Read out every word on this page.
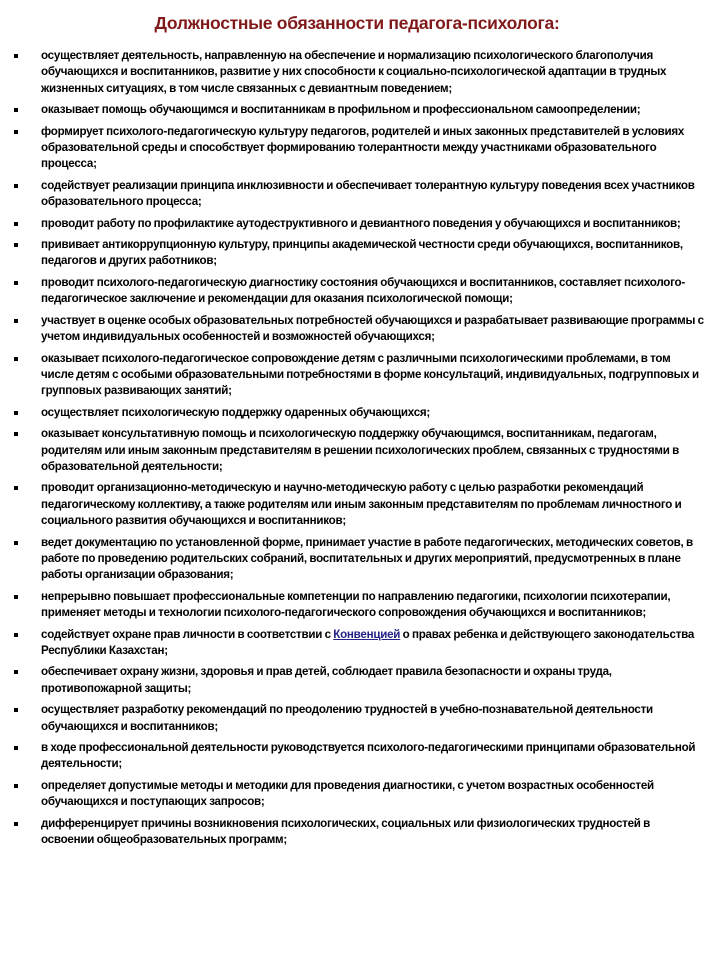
Должностные обязанности педагога-психолога:
осуществляет деятельность, направленную на обеспечение и нормализацию психологического благополучия обучающихся и воспитанников, развитие у них способности к социально-психологической адаптации в трудных жизненных ситуациях, в том числе связанных с девиантным поведением;
оказывает помощь обучающимся и воспитанникам в профильном и профессиональном самоопределении;
формирует психолого-педагогическую культуру педагогов, родителей и иных законных представителей в условиях образовательной среды и способствует формированию толерантности между участниками образовательного процесса;
содействует реализации принципа инклюзивности и обеспечивает толерантную культуру поведения всех участников образовательного процесса;
проводит работу по профилактике аутодеструктивного и девиантного поведения у обучающихся и воспитанников;
прививает антикоррупционную культуру, принципы академической честности среди обучающихся, воспитанников, педагогов и других работников;
проводит психолого-педагогическую диагностику состояния обучающихся и воспитанников, составляет психолого-педагогическое заключение и рекомендации для оказания психологической помощи;
участвует в оценке особых образовательных потребностей обучающихся и разрабатывает развивающие программы с учетом индивидуальных особенностей и возможностей обучающихся;
оказывает психолого-педагогическое сопровождение детям с различными психологическими проблемами, в том числе детям с особыми образовательными потребностями в форме консультаций, индивидуальных, подгрупповых и групповых развивающих занятий;
осуществляет психологическую поддержку одаренных обучающихся;
оказывает консультативную помощь и психологическую поддержку обучающимся, воспитанникам, педагогам, родителям или иным законным представителям в решении психологических проблем, связанных с трудностями в образовательной деятельности;
проводит организационно-методическую и научно-методическую работу с целью разработки рекомендаций педагогическому коллективу, а также родителям или иным законным представителям по проблемам личностного и социального развития обучающихся и воспитанников;
ведет документацию по установленной форме, принимает участие в работе педагогических, методических советов, в работе по проведению родительских собраний, воспитательных и других мероприятий, предусмотренных в плане работы организации образования;
непрерывно повышает профессиональные компетенции по направлению педагогики, психологии психотерапии, применяет методы и технологии психолого-педагогического сопровождения обучающихся и воспитанников;
содействует охране прав личности в соответствии с Конвенцией о правах ребенка и действующего законодательства Республики Казахстан;
обеспечивает охрану жизни, здоровья и прав детей, соблюдает правила безопасности и охраны труда, противопожарной защиты;
осуществляет разработку рекомендаций по преодолению трудностей в учебно-познавательной деятельности обучающихся и воспитанников;
в ходе профессиональной деятельности руководствуется психолого-педагогическими принципами образовательной деятельности;
определяет допустимые методы и методики для проведения диагностики, с учетом возрастных особенностей обучающихся и поступающих запросов;
дифференцирует причины возникновения психологических, социальных или физиологических трудностей в освоении общеобразовательных программ;
